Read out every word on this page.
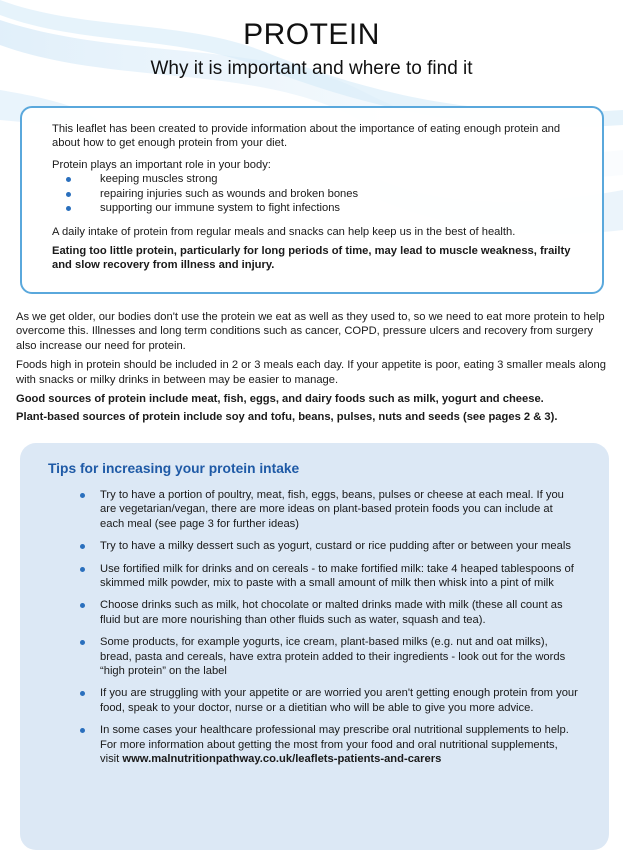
PROTEIN

Why it is important and where to find it

This leaflet has been created to provide information about the importance of eating enough protein and about how to get enough protein from your diet.

Protein plays an important role in your body:

keeping muscles strong
repairing injuries such as wounds and broken bones
supporting our immune system to fight infections

A daily intake of protein from regular meals and snacks can help keep us in the best of health.

Eating too little protein, particularly for long periods of time, may lead to muscle weakness, frailty and slow recovery from illness and injury.

As we get older, our bodies don't use the protein we eat as well as they used to, so we need to eat more protein to help overcome this. Illnesses and long term conditions such as cancer, COPD, pressure ulcers and recovery from surgery also increase our need for protein.

Foods high in protein should be included in 2 or 3 meals each day. If your appetite is poor, eating 3 smaller meals along with snacks or milky drinks in between may be easier to manage.

Good sources of protein include meat, fish, eggs, and dairy foods such as milk, yogurt and cheese.

Plant-based sources of protein include soy and tofu, beans, pulses, nuts and seeds (see pages 2 & 3).

Tips for increasing your protein intake
Try to have a portion of poultry, meat, fish, eggs, beans, pulses or cheese at each meal. If you are vegetarian/vegan, there are more ideas on plant-based protein foods you can include at each meal (see page 3 for further ideas)
Try to have a milky dessert such as yogurt, custard or rice pudding after or between your meals
Use fortified milk for drinks and on cereals - to make fortified milk: take 4 heaped tablespoons of skimmed milk powder, mix to paste with a small amount of milk then whisk into a pint of milk
Choose drinks such as milk, hot chocolate or malted drinks made with milk (these all count as fluid but are more nourishing than other fluids such as water, squash and tea).
Some products, for example yogurts, ice cream, plant-based milks (e.g. nut and oat milks), bread, pasta and cereals, have extra protein added to their ingredients - look out for the words “high protein” on the label
If you are struggling with your appetite or are worried you aren't getting enough protein from your food, speak to your doctor, nurse or a dietitian who will be able to give you more advice.
In some cases your healthcare professional may prescribe oral nutritional supplements to help. For more information about getting the most from your food and oral nutritional supplements, visit www.malnutritionpathway.co.uk/leaflets-patients-and-carers
